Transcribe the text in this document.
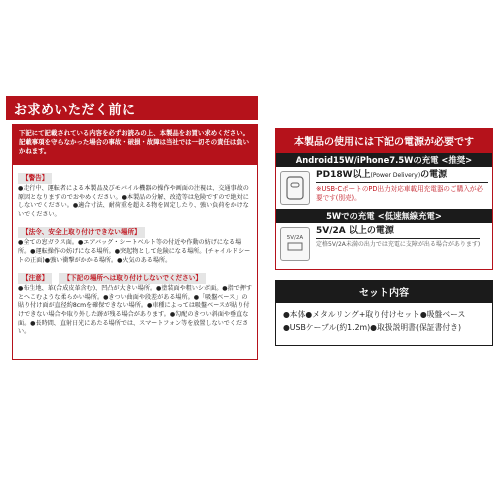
お求めいただく前に
下記にて記載されている内容を必ずお読みの上、本製品をお買い求めください。記載事項を守らなかった場合の事故・破損・故障は当社では一切その責任は負いかねます。
【警告】
●走行中、運転者による本製品及びモバイル機器の操作や画面の注視は、交通事故の原因となりますのでおやめください。●本製品の分解、改造等は危険ですので絶対にしないでください。●適合寸法、耐荷重を超える物を固定したり、強い負荷をかけないでください。
【法令、安全上取り付けできない場所】
●全ての窓ガラス面。●エアバッグ・シートベルト等の付近や作動の妨げになる場所。●運転操作の妨げになる場所。●突起物として危険になる場所。(チャイルドシートの正面)●強い衝撃がかかる場所。●火気のある場所。
【注意】 【下記の場所へは取り付けしないでください】
●布生地、革(合成皮革含む)、凹凸が大きい場所。●塗装面や粗いシボ面。●指で押すとへこむような柔らかい場所。●きつい曲面や段差がある場所。●「吸盤ベース」の貼り付け面が直径約8cmを確保できない場所。●車種によっては吸盤ベースが貼り付けできない場合や取り外した跡が残る場合があります。●勾配のきつい斜面や垂直な面。●長時間、直射日光にあたる場所では、スマートフォン等を放置しないでください。
本製品の使用には下記の電源が必要です
Android15W/iPhone7.5Wの充電 <推奨>
PD18W以上(Power Delivery)の電源
※USB-CポートのPD出力対応車載用充電器のご購入が必要です(別売)。
5Wでの充電 <低速無線充電>
5V/2A
5V/2A 以上の電源
定格5V/2A未満の出力では充電に支障が出る場合があります)
セット内容
●本体●メタルリング+取り付けセット●吸盤ベース
●USBケーブル(約1.2m)●取扱説明書(保証書付き)
